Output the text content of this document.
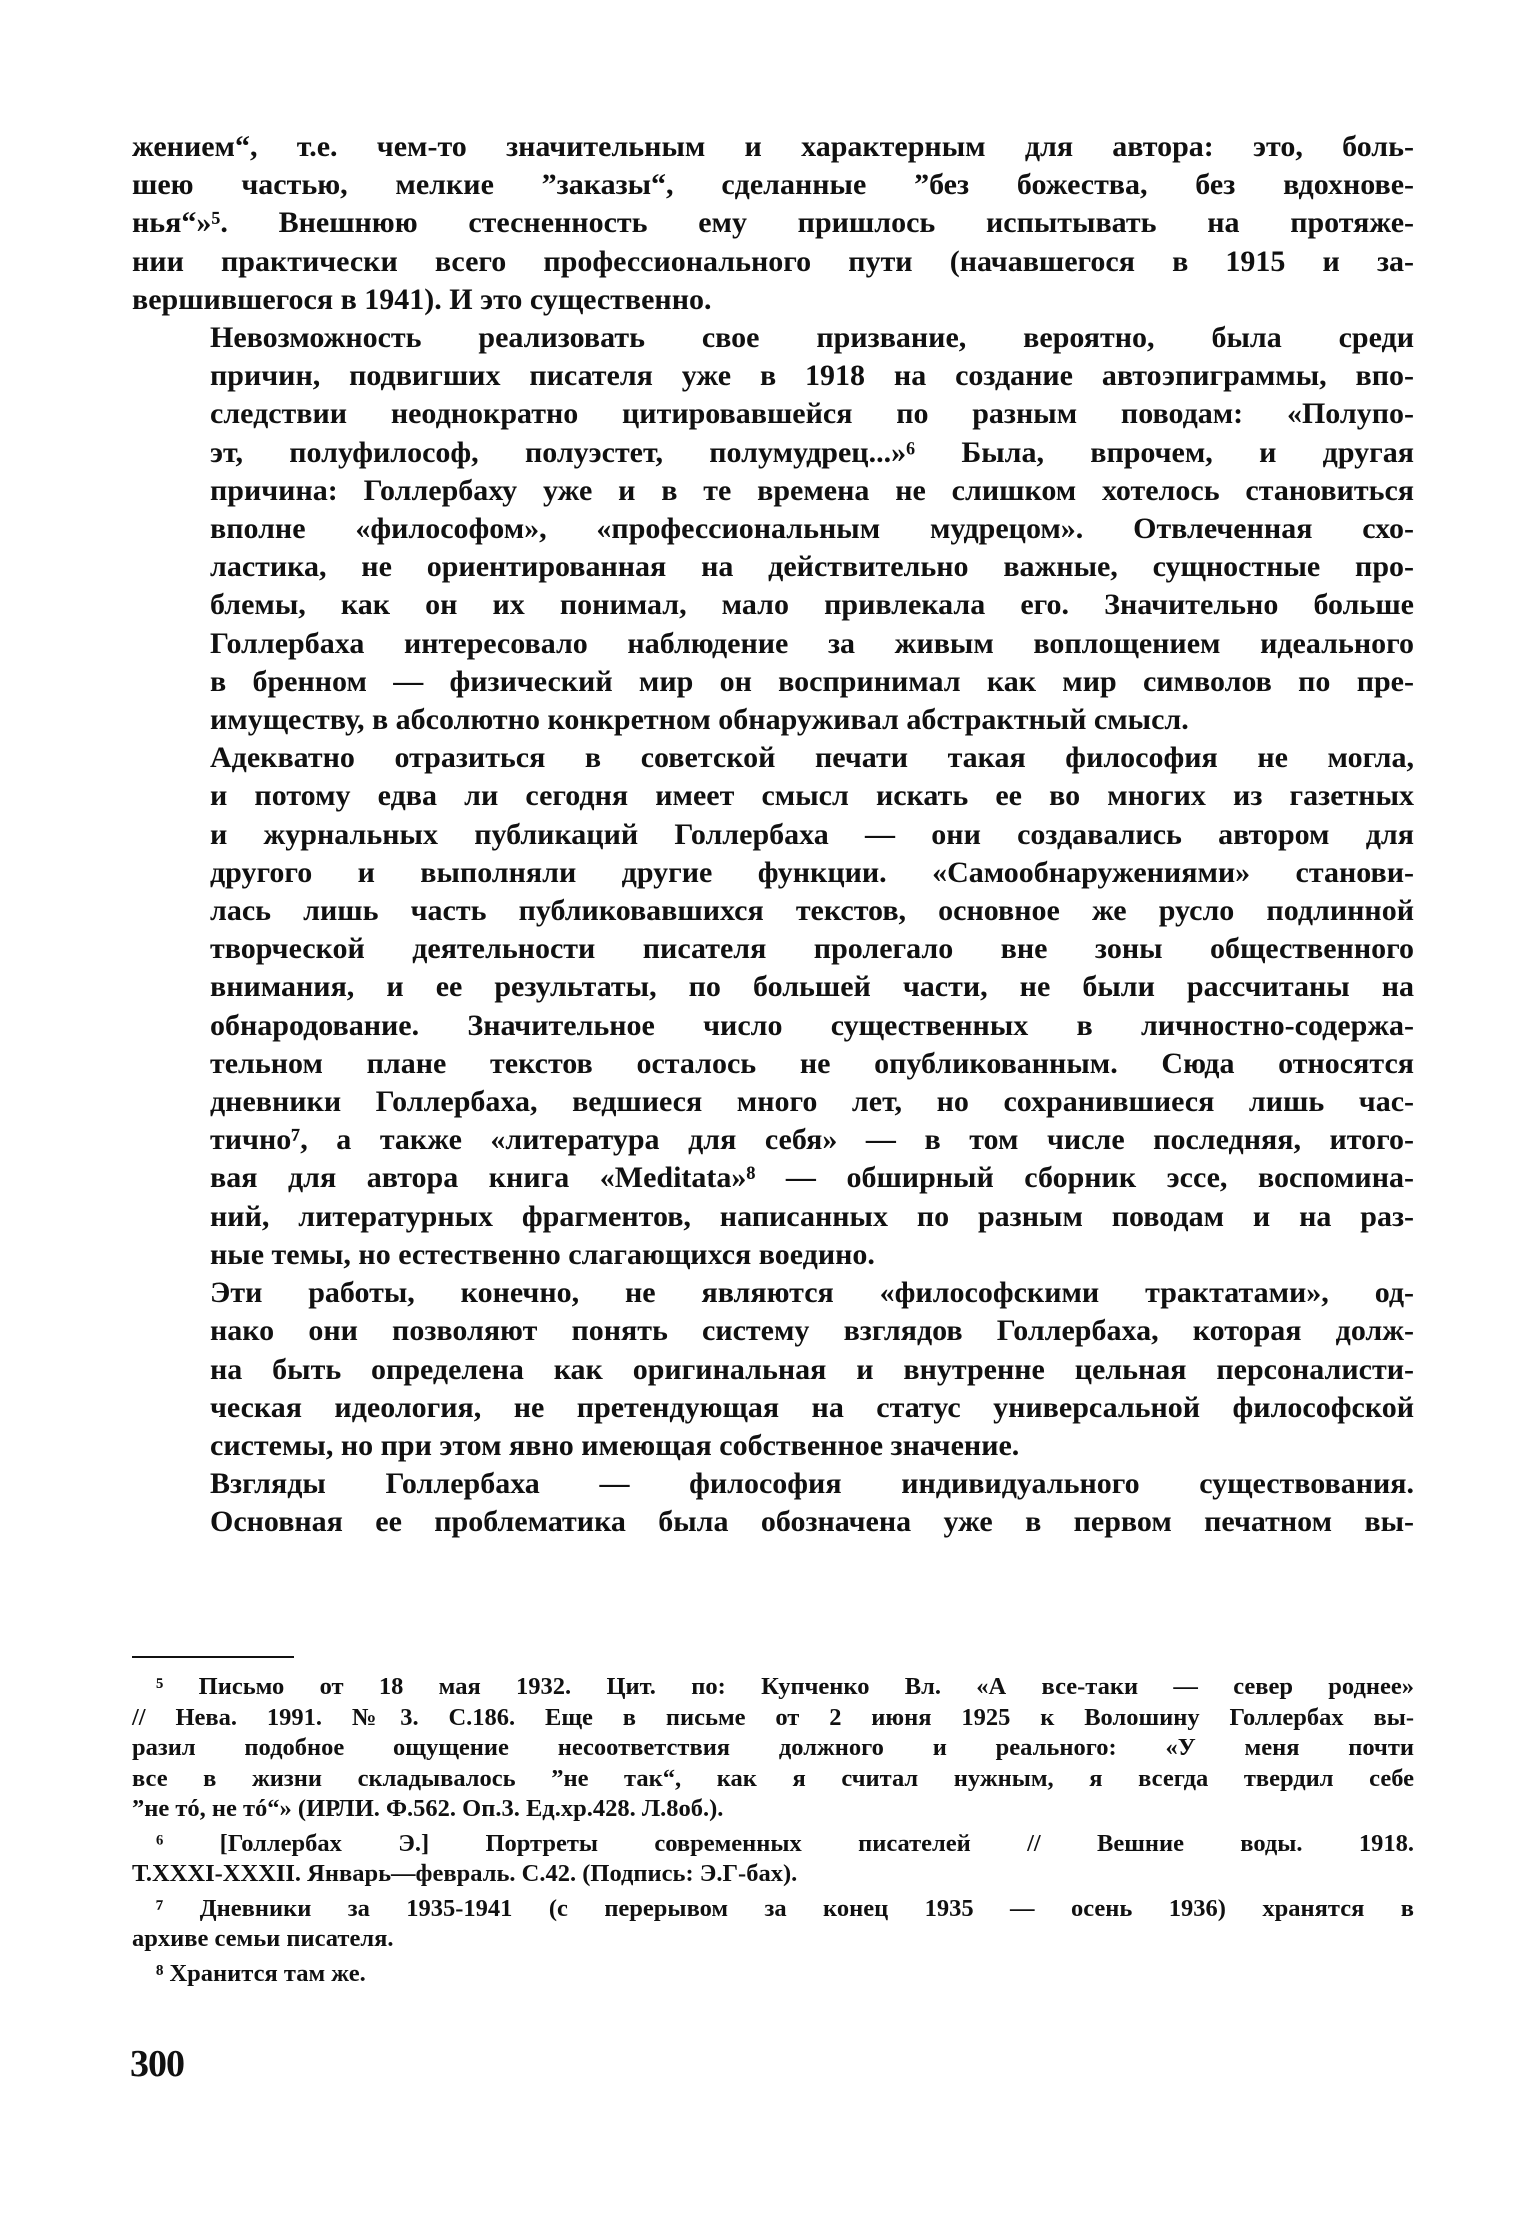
жением“, т.е. чем-то значительным и характерным для автора: это, боль-
шею частью, мелкие ”заказы“, сделанные ”без божества, без вдохнове-
нья“»⁵. Внешнюю стесненность ему пришлось испытывать на протяже-
нии практически всего профессионального пути (начавшегося в 1915 и за-
вершившегося в 1941). И это существенно.

Невозможность реализовать свое призвание, вероятно, была среди
причин, подвигших писателя уже в 1918 на создание автоэпиграммы, впо-
следствии неоднократно цитировавшейся по разным поводам: «Полупо-
эт, полуфилософ, полуэстет, полумудрец...»⁶ Была, впрочем, и другая
причина: Голлербаху уже и в те времена не слишком хотелось становиться
вполне «философом», «профессиональным мудрецом». Отвлеченная схо-
ластика, не ориентированная на действительно важные, сущностные про-
блемы, как он их понимал, мало привлекала его. Значительно больше
Голлербаха интересовало наблюдение за живым воплощением идеального
в бренном — физический мир он воспринимал как мир символов по пре-
имуществу, в абсолютно конкретном обнаруживал абстрактный смысл.

Адекватно отразиться в советской печати такая философия не могла,
и потому едва ли сегодня имеет смысл искать ее во многих из газетных
и журнальных публикаций Голлербаха — они создавались автором для
другого и выполняли другие функции. «Самообнаружениями» станови-
лась лишь часть публиковавшихся текстов, основное же русло подлинной
творческой деятельности писателя пролегало вне зоны общественного
внимания, и ее результаты, по большей части, не были рассчитаны на
обнародование. Значительное число существенных в личностно-содержа-
тельном плане текстов осталось не опубликованным. Сюда относятся
дневники Голлербаха, ведшиеся много лет, но сохранившиеся лишь час-
тично⁷, а также «литература для себя» — в том числе последняя, итого-
вая для автора книга «Meditata»⁸ — обширный сборник эссе, воспомина-
ний, литературных фрагментов, написанных по разным поводам и на раз-
ные темы, но естественно слагающихся воедино.

Эти работы, конечно, не являются «философскими трактатами», од-
нако они позволяют понять систему взглядов Голлербаха, которая долж-
на быть определена как оригинальная и внутренне цельная персоналисти-
ческая идеология, не претендующая на статус универсальной философской
системы, но при этом явно имеющая собственное значение.

Взгляды Голлербаха — философия индивидуального существования.
Основная ее проблематика была обозначена уже в первом печатном вы-

⁵ Письмо от 18 мая 1932. Цит. по: Купченко Вл. «А все-таки — север роднее»
// Нева. 1991. №3. С.186. Еще в письме от 2 июня 1925 к Волошину Голлербах вы-
разил подобное ощущение несоответствия должного и реального: «У меня почти
все в жизни складывалось ”не так“, как я считал нужным, я всегда твердил себе
”не тó, не тó“» (ИРЛИ. Ф.562. Оп.3. Ед.хр.428. Л.8об.).

⁶ [Голлербах Э.] Портреты современных писателей // Вешние воды. 1918.
Т.XXXI-XXXII. Январь—февраль. С.42. (Подпись: Э.Г-бах).

⁷ Дневники за 1935-1941 (с перерывом за конец 1935 — осень 1936) хранятся в
архиве семьи писателя.

⁸ Хранится там же.

300
